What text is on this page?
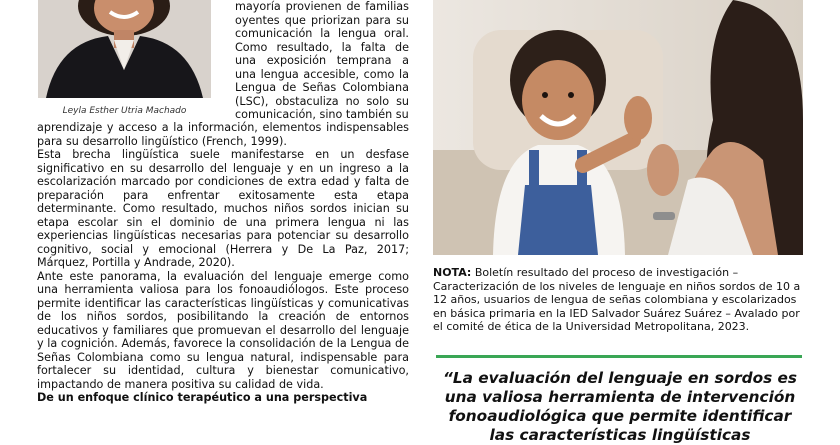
Leyla Esther Utria Machado

mayoría provienen de familias oyentes que priorizan para su comunicación la lengua oral. Como resultado, la falta de una exposición temprana a una lengua accesible, como la Lengua de Señas Colombiana (LSC), obstaculiza no solo su comunicación, sino también su

aprendizaje y acceso a la información, elementos indispensables para su desarrollo lingüístico (French, 1999).

Esta brecha lingüística suele manifestarse en un desfase significativo en su desarrollo del lenguaje y en un ingreso a la escolarización marcado por condiciones de extra edad y falta de preparación para enfrentar exitosamente esta etapa determinante. Como resultado, muchos niños sordos inician su etapa escolar sin el dominio de una primera lengua ni las experiencias lingüísticas necesarias para potenciar su desarrollo cognitivo, social y emocional (Herrera y De La Paz, 2017; Márquez, Portilla y Andrade, 2020).

Ante este panorama, la evaluación del lenguaje emerge como una herramienta valiosa para los fonoaudiólogos. Este proceso permite identificar las características lingüísticas y comunicativas de los niños sordos, posibilitando la creación de entornos educativos y familiares que promuevan el desarrollo del lenguaje y la cognición. Además, favorece la consolidación de la Lengua de Señas Colombiana como su lengua natural, indispensable para fortalecer su identidad, cultura y bienestar comunicativo, impactando de manera positiva su calidad de vida.

De un enfoque clínico terapéutico a una perspectiva

NOTA: Boletín resultado del proceso de investigación – Caracterización de los niveles de lenguaje en niños sordos de 10 a 12 años, usuarios de lengua de señas colombiana y escolarizados en básica primaria en la IED Salvador Suárez Suárez – Avalado por el comité de ética de la Universidad Metropolitana, 2023.
“La evaluación del lenguaje en sordos es una valiosa herramienta de intervención fonoaudiológica que permite identificar las características lingüísticas
